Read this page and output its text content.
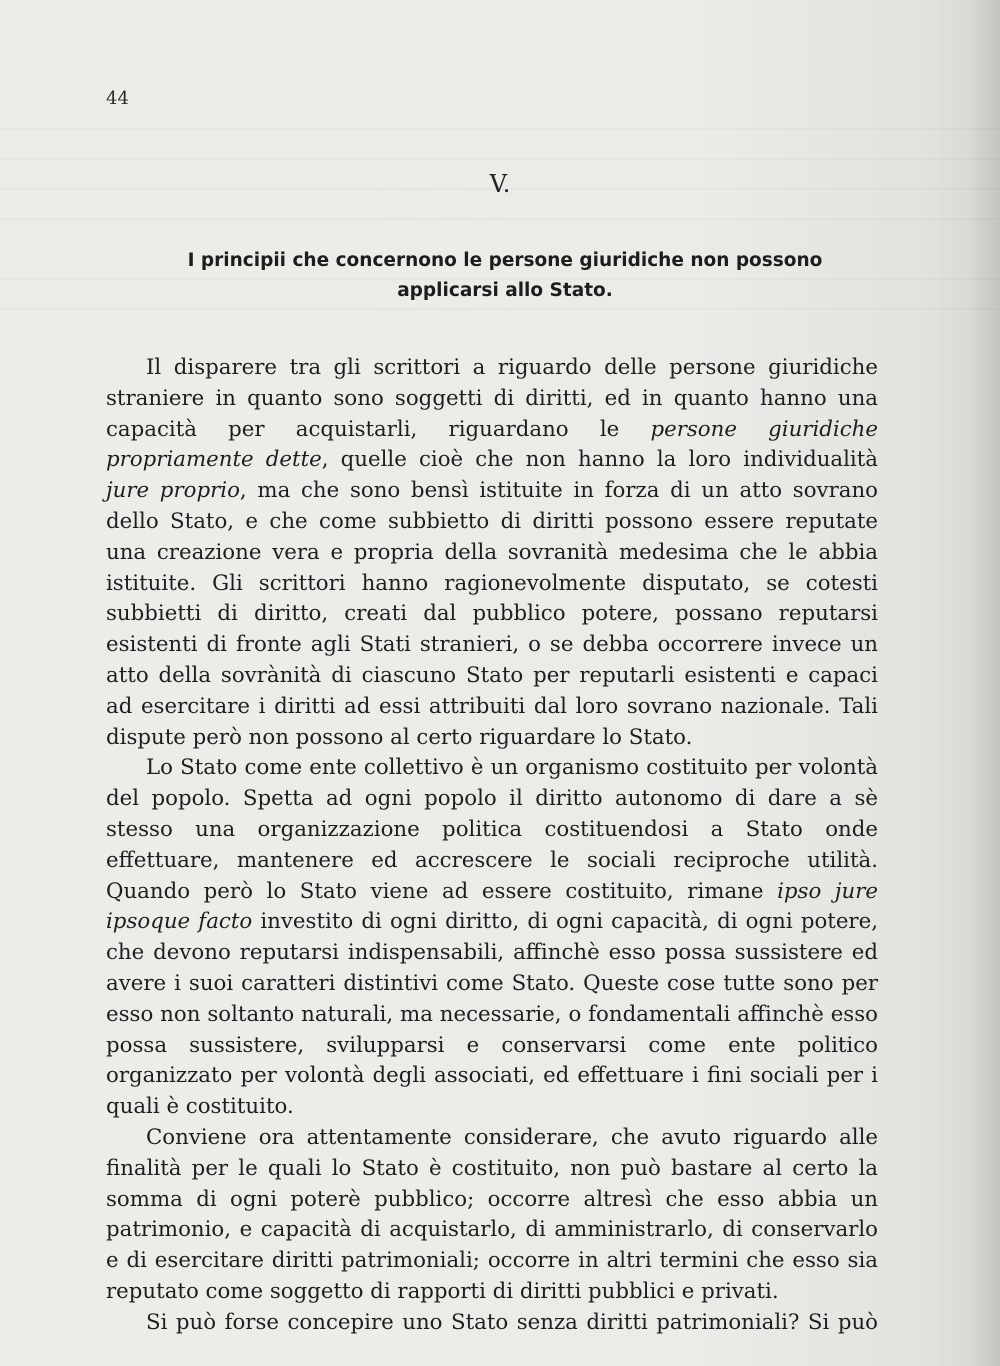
44
V.
I principii che concernono le persone giuridiche non possono applicarsi allo Stato.

Il disparere tra gli scrittori a riguardo delle persone giuridiche straniere in quanto sono soggetti di diritti, ed in quanto hanno una capacità per acquistarli, riguardano le persone giuridiche propriamente dette, quelle cioè che non hanno la loro individualità jure proprio, ma che sono bensì istituite in forza di un atto sovrano dello Stato, e che come subbietto di diritti possono essere reputate una creazione vera e propria della sovranità medesima che le abbia istituite. Gli scrittori hanno ragionevolmente disputato, se cotesti subbietti di diritto, creati dal pubblico potere, possano reputarsi esistenti di fronte agli Stati stranieri, o se debba occorrere invece un atto della sovrànità di ciascuno Stato per reputarli esistenti e capaci ad esercitare i diritti ad essi attribuiti dal loro sovrano nazionale. Tali dispute però non possono al certo riguardare lo Stato.

Lo Stato come ente collettivo è un organismo costituito per volontà del popolo. Spetta ad ogni popolo il diritto autonomo di dare a sè stesso una organizzazione politica costituendosi a Stato onde effettuare, mantenere ed accrescere le sociali reciproche utilità. Quando però lo Stato viene ad essere costituito, rimane ipso jure ipsoque facto investito di ogni diritto, di ogni capacità, di ogni potere, che devono reputarsi indispensabili, affinchè esso possa sussistere ed avere i suoi caratteri distintivi come Stato. Queste cose tutte sono per esso non soltanto naturali, ma necessarie, o fondamentali affinchè esso possa sussistere, svilupparsi e conservarsi come ente politico organizzato per volontà degli associati, ed effettuare i fini sociali per i quali è costituito.

Conviene ora attentamente considerare, che avuto riguardo alle finalità per le quali lo Stato è costituito, non può bastare al certo la somma di ogni poterè pubblico; occorre altresì che esso abbia un patrimonio, e capacità di acquistarlo, di amministrarlo, di conservarlo e di esercitare diritti patrimoniali; occorre in altri termini che esso sia reputato come soggetto di rapporti di diritti pubblici e privati.

Si può forse concepire uno Stato senza diritti patrimoniali? Si può
